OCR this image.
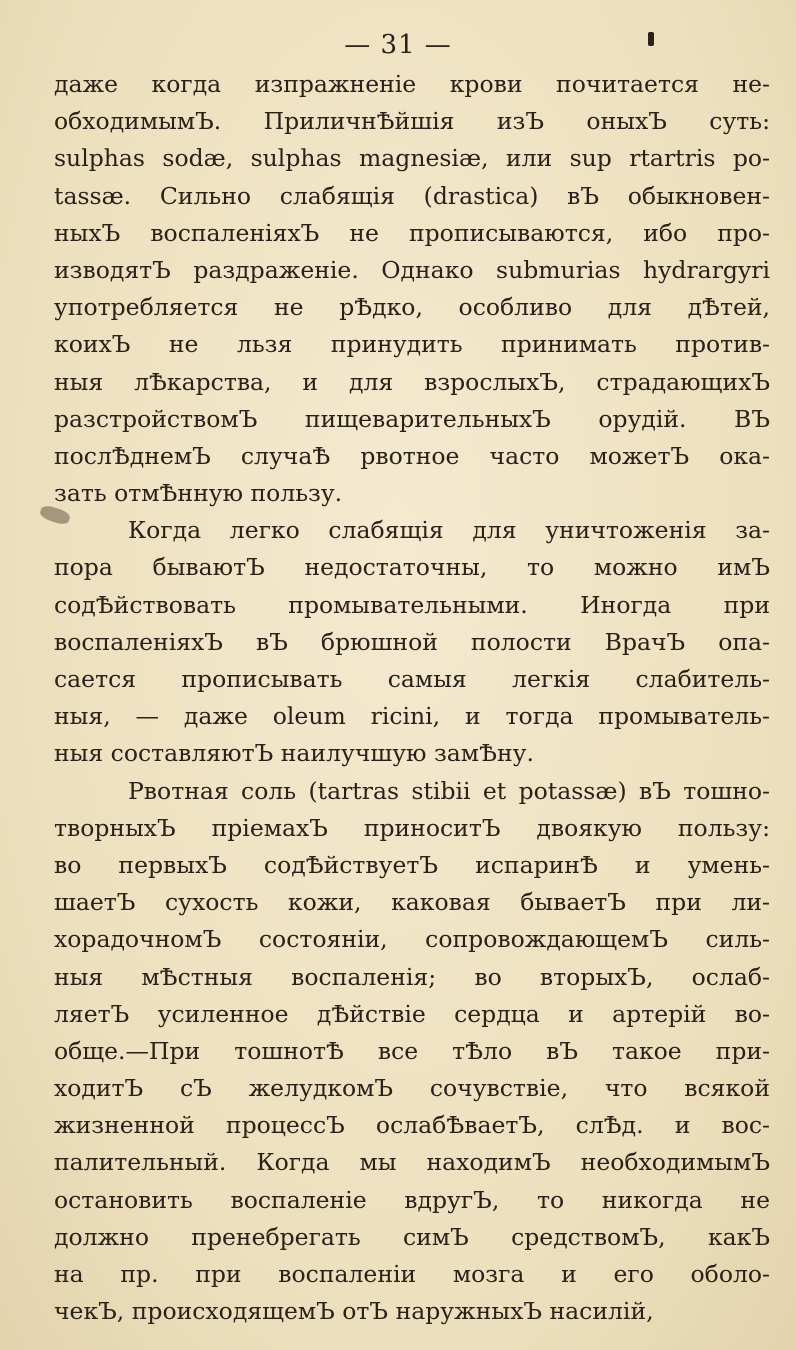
— 31 —
даже когда изпражненіе крови почитается не-
обходимымЪ. ПриличнѢйшія изЪ оныхЪ суть:
sulphas sodæ, sulphas magnesiæ, или sup rtartris po-
tassæ. Сильно слабящія (drastica) вЪ обыкновен-
ныхЪ воспаленіяхЪ не прописываются, ибо про-
изводятЪ раздраженіе. Однако submurias hydrargyri
употребляется не рѢдко, особливо для дѢтей,
коихЪ не льзя принудить принимать против-
ныя лѢкарства, и для взрослыхЪ, страдающихЪ
разстройствомЪ пищеварительныхЪ орудій. ВЪ
послѢднемЪ случаѢ рвотное часто можетЪ ока-
зать отмѢнную пользу.
Когда легко слабящія для уничтоженія за-
пора бываютЪ недостаточны, то можно имЪ
содѢйствовать промывательными. Иногда при
воспаленіяхЪ вЪ брюшной полости ВрачЪ опа-
сается прописывать самыя легкія слабитель-
ныя, — даже oleum ricini, и тогда промыватель-
ныя составляютЪ наилучшую замѢну.
Рвотная соль (tartras stibii et potassæ) вЪ тошно-
творныхЪ пріемахЪ приноситЪ двоякую пользу:
во первыхЪ содѢйствуетЪ испаринѢ и умень-
шаетЪ сухость кожи, каковая бываетЪ при ли-
хорадочномЪ состояніи, сопровождающемЪ силь-
ныя мѢстныя воспаленія; во вторыхЪ, ослаб-
ляетЪ усиленное дѢйствіе сердца и артерій во-
обще.—При тошнотѢ все тѢло вЪ такое при-
ходитЪ сЪ желудкомЪ сочувствіе, что всякой
жизненной процессЪ ослабѢваетЪ, слѢд. и вос-
палительный. Когда мы находимЪ необходимымЪ
остановить воспаленіе вдругЪ, то никогда не
должно пренебрегать симЪ средствомЪ, какЪ
на пр. при воспаленіи мозга и его оболо-
чекЪ, происходящемЪ отЪ наружныхЪ насилій,
